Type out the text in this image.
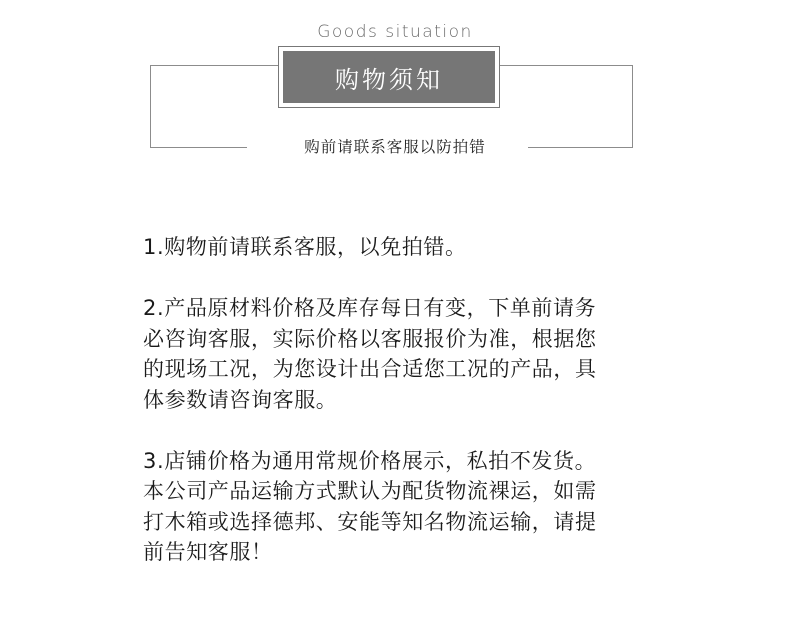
Goods situation
购物须知
购前请联系客服以防拍错
1.购物前请联系客服，以免拍错。
2.产品原材料价格及库存每日有变，下单前请务
必咨询客服，实际价格以客服报价为准，根据您
的现场工况，为您设计出合适您工况的产品，具
体参数请咨询客服。
3.店铺价格为通用常规价格展示，私拍不发货。
本公司产品运输方式默认为配货物流裸运，如需
打木箱或选择德邦、安能等知名物流运输，请提
前告知客服！
